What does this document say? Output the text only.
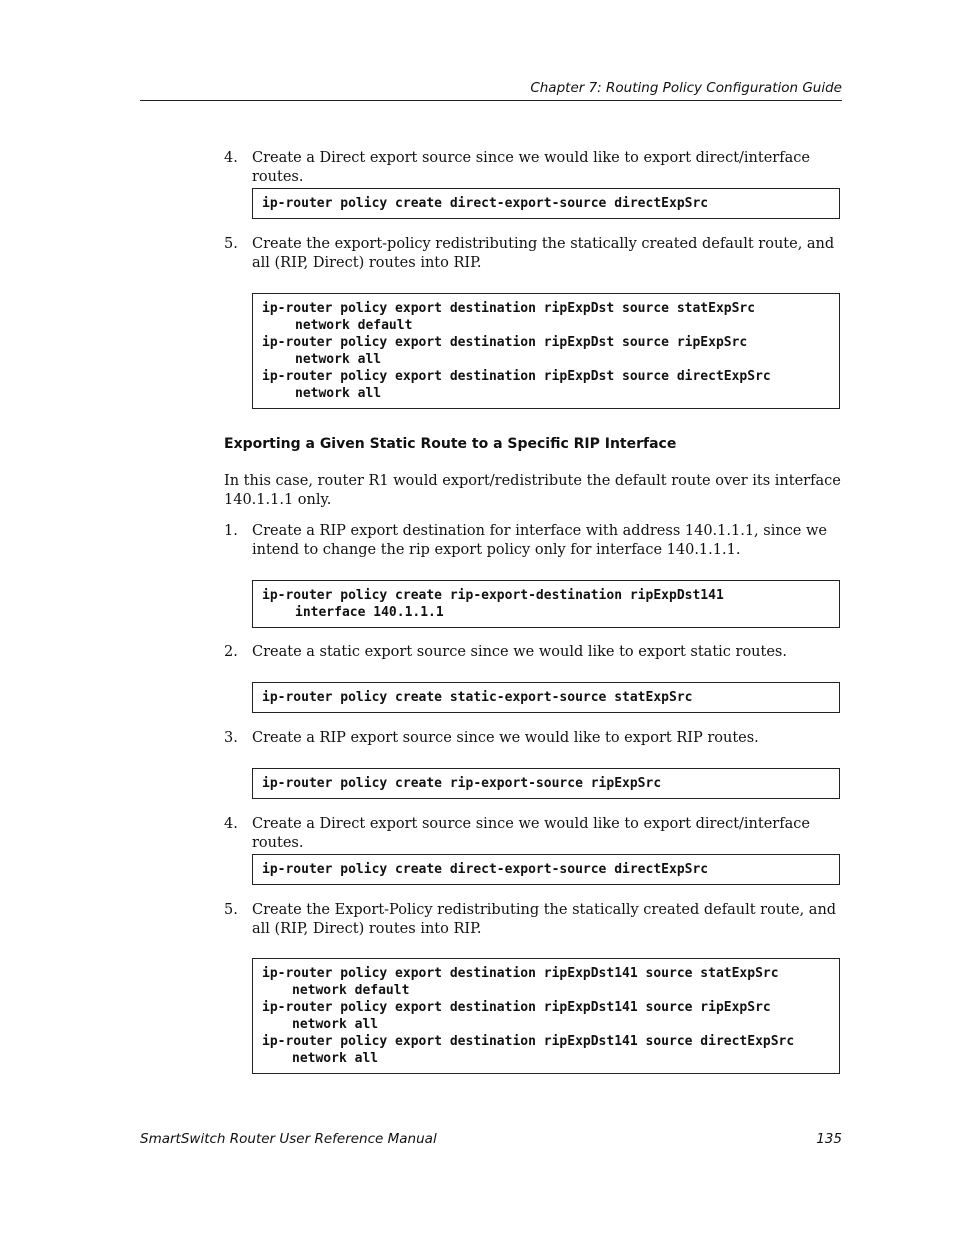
Chapter 7: Routing Policy Configuration Guide
4. Create a Direct export source since we would like to export direct/interface routes.
ip-router policy create direct-export-source directExpSrc
5. Create the export-policy redistributing the statically created default route, and all (RIP, Direct) routes into RIP.
ip-router policy export destination ripExpDst source statExpSrc
network default
ip-router policy export destination ripExpDst source ripExpSrc
network all
ip-router policy export destination ripExpDst source directExpSrc
network all
Exporting a Given Static Route to a Specific RIP Interface
In this case, router R1 would export/redistribute the default route over its interface 140.1.1.1 only.
1. Create a RIP export destination for interface with address 140.1.1.1, since we intend to change the rip export policy only for interface 140.1.1.1.
ip-router policy create rip-export-destination ripExpDst141
interface 140.1.1.1
2. Create a static export source since we would like to export static routes.
ip-router policy create static-export-source statExpSrc
3. Create a RIP export source since we would like to export RIP routes.
ip-router policy create rip-export-source ripExpSrc
4. Create a Direct export source since we would like to export direct/interface routes.
ip-router policy create direct-export-source directExpSrc
5. Create the Export-Policy redistributing the statically created default route, and all (RIP, Direct) routes into RIP.
ip-router policy export destination ripExpDst141 source statExpSrc
network default
ip-router policy export destination ripExpDst141 source ripExpSrc
network all
ip-router policy export destination ripExpDst141 source directExpSrc
network all
SmartSwitch Router User Reference Manual	135
